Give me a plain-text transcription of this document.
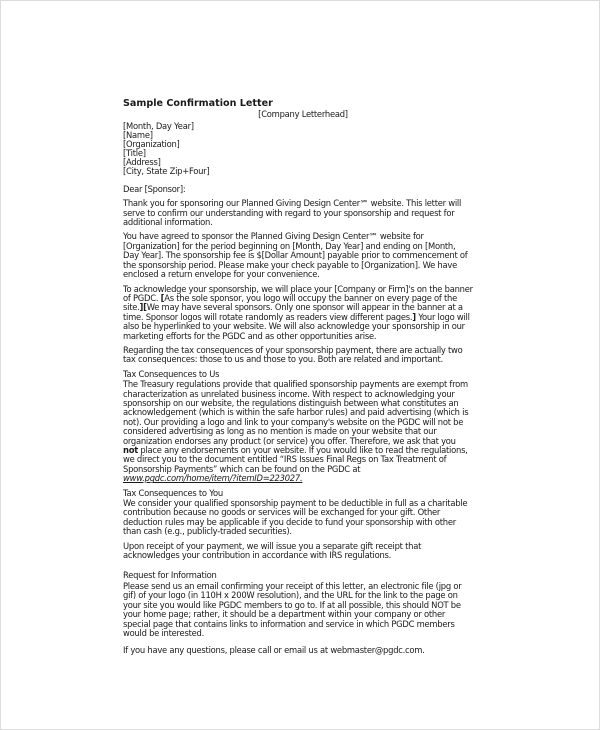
Sample Confirmation Letter
[Company Letterhead]
[Month, Day Year]
[Name]
[Organization]
[Title]
[Address]
[City, State Zip+Four]
Dear [Sponsor]:

Thank you for sponsoring our Planned Giving Design Center℠ website. This letter will serve to confirm our understanding with regard to your sponsorship and request for additional information.

You have agreed to sponsor the Planned Giving Design Center℠ website for [Organization] for the period beginning on [Month, Day Year] and ending on [Month, Day Year]. The sponsorship fee is $[Dollar Amount] payable prior to commencement of the sponsorship period. Please make your check payable to [Organization]. We have enclosed a return envelope for your convenience.

To acknowledge your sponsorship, we will place your [Company or Firm]'s on the banner of PGDC. [As the sole sponsor, you logo will occupy the banner on every page of the site.][We may have several sponsors. Only one sponsor will appear in the banner at a time. Sponsor logos will rotate randomly as readers view different pages.] Your logo will also be hyperlinked to your website. We will also acknowledge your sponsorship in our marketing efforts for the PGDC and as other opportunities arise.

Regarding the tax consequences of your sponsorship payment, there are actually two tax consequences: those to us and those to you. Both are related and important.

Tax Consequences to Us

The Treasury regulations provide that qualified sponsorship payments are exempt from characterization as unrelated business income. With respect to acknowledging your sponsorship on our website, the regulations distinguish between what constitutes an acknowledgement (which is within the safe harbor rules) and paid advertising (which is not). Our providing a logo and link to your company's website on the PGDC will not be considered advertising as long as no mention is made on your website that our organization endorses any product (or service) you offer. Therefore, we ask that you not place any endorsements on your website. If you would like to read the regulations, we direct you to the document entitled “IRS Issues Final Regs on Tax Treatment of Sponsorship Payments” which can be found on the PGDC at www.pgdc.com/home/item/?itemID=223027.

Tax Consequences to You

We consider your qualified sponsorship payment to be deductible in full as a charitable contribution because no goods or services will be exchanged for your gift. Other deduction rules may be applicable if you decide to fund your sponsorship with other than cash (e.g., publicly-traded securities).

Upon receipt of your payment, we will issue you a separate gift receipt that acknowledges your contribution in accordance with IRS regulations.

Request for Information

Please send us an email confirming your receipt of this letter, an electronic file (jpg or gif) of your logo (in 110H x 200W resolution), and the URL for the link to the page on your site you would like PGDC members to go to. If at all possible, this should NOT be your home page; rather, it should be a department within your company or other special page that contains links to information and service in which PGDC members would be interested.

If you have any questions, please call or email us at webmaster@pgdc.com.
